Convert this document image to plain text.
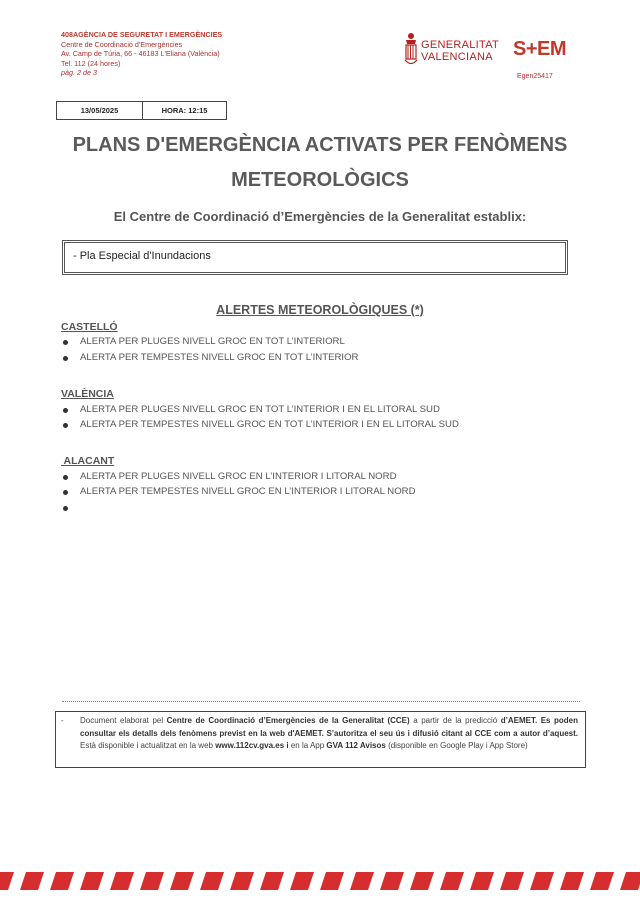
408AGÈNCIA DE SEGURETAT I EMERGÈNCIES
Centre de Coordinació d'Emergències
Av. Camp de Túria, 66 - 46183 L'Eliana (València)
Tel. 112 (24 hores)
pàg. 2 de 3
GENERALITAT
VALENCIANA	S+EM
Egen25417
13/05/2025	HORA: 12:15
PLANS D'EMERGÈNCIA ACTIVATS PER FENÒMENS
METEOROLÒGICS
El Centre de Coordinació d’Emergències de la Generalitat establix:
- Pla Especial d'Inundacions
ALERTES METEOROLÒGIQUES (*)
CASTELLÓ
ALERTA PER PLUGES NIVELL GROC EN TOT L’INTERIORL
ALERTA PER TEMPESTES NIVELL GROC EN TOT L’INTERIOR
VALÈNCIA
ALERTA PER PLUGES NIVELL GROC EN TOT L’INTERIOR I EN EL LITORAL SUD
ALERTA PER TEMPESTES NIVELL GROC EN TOT L’INTERIOR I EN EL LITORAL SUD
ALACANT
ALERTA PER PLUGES NIVELL GROC EN L’INTERIOR I LITORAL NORD
ALERTA PER TEMPESTES NIVELL GROC EN L’INTERIOR I LITORAL NORD
- Document elaborat pel Centre de Coordinació d’Emergències de la Generalitat (CCE) a partir de la predicció d’AEMET. Es poden consultar els detalls dels fenòmens previst en la web d'AEMET. S’autoritza el seu ús i difusió citant al CCE com a autor d’aquest. Està disponible i actualitzat en la web www.112cv.gva.es i en la App GVA 112 Avisos (disponible en Google Play i App Store)
